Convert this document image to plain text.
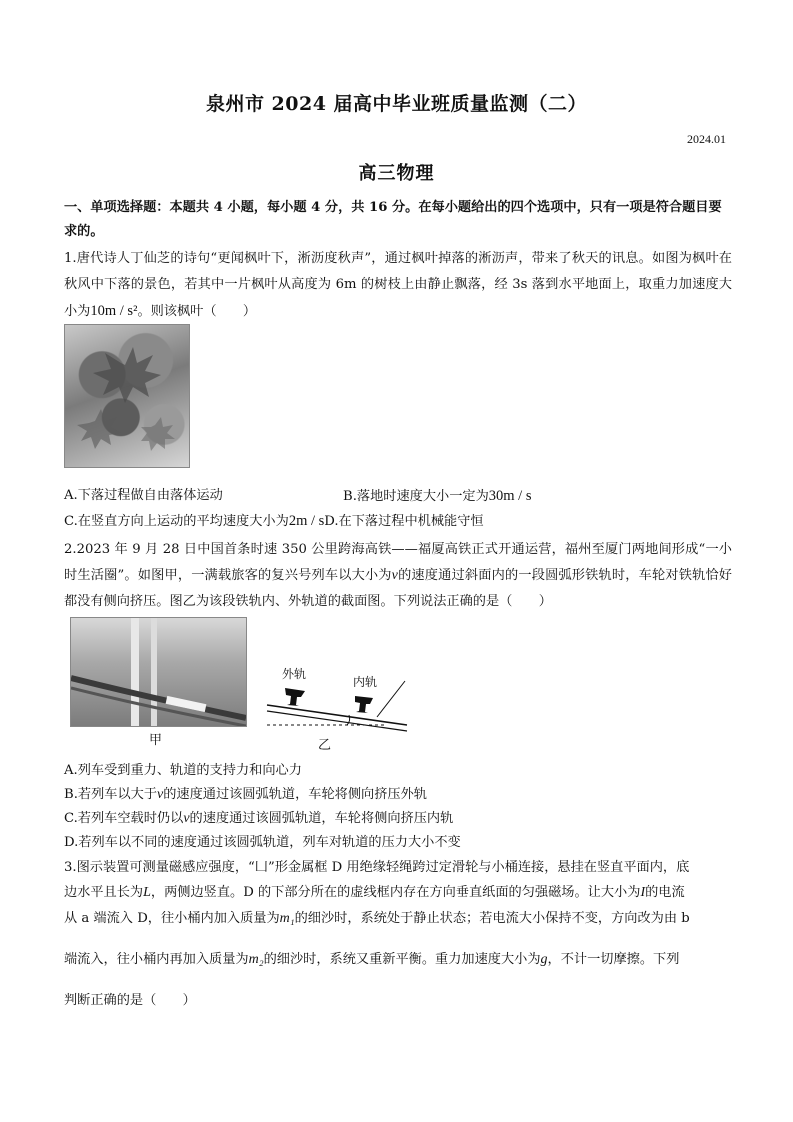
泉州市 2024 届高中毕业班质量监测（二）
2024.01
高三物理
一、单项选择题：本题共 4 小题，每小题 4 分，共 16 分。在每小题给出的四个选项中，只有一项是符合题目要求的。
1.唐代诗人丁仙芝的诗句“更闻枫叶下，淅沥度秋声”，通过枫叶掉落的淅沥声，带来了秋天的讯息。如图为枫叶在秋风中下落的景色，若其中一片枫叶从高度为 6m 的树枝上由静止飘落，经 3s 落到水平地面上，取重力加速度大小为10m / s²。则该枫叶（　　）
A.下落过程做自由落体运动	B.落地时速度大小一定为30m / s
C.在竖直方向上运动的平均速度大小为2m / sD.在下落过程中机械能守恒
2.2023 年 9 月 28 日中国首条时速 350 公里跨海高铁——福厦高铁正式开通运营，福州至厦门两地间形成“一小时生活圈”。如图甲，一满载旅客的复兴号列车以大小为v的速度通过斜面内的一段圆弧形铁轨时，车轮对铁轨恰好都没有侧向挤压。图乙为该段铁轨内、外轨道的截面图。下列说法正确的是（　　）
甲
外轨
内轨
乙
A.列车受到重力、轨道的支持力和向心力
B.若列车以大于v的速度通过该圆弧轨道，车轮将侧向挤压外轨
C.若列车空载时仍以v的速度通过该圆弧轨道，车轮将侧向挤压内轨
D.若列车以不同的速度通过该圆弧轨道，列车对轨道的压力大小不变
3.图示装置可测量磁感应强度，“凵”形金属框 D 用绝缘轻绳跨过定滑轮与小桶连接，悬挂在竖直平面内，底
边水平且长为L，两侧边竖直。D 的下部分所在的虚线框内存在方向垂直纸面的匀强磁场。让大小为I的电流
从 a 端流入 D，往小桶内加入质量为m₁的细沙时，系统处于静止状态；若电流大小保持不变，方向改为由 b
端流入，往小桶内再加入质量为m₂的细沙时，系统又重新平衡。重力加速度大小为g，不计一切摩擦。下列
判断正确的是（　　）
